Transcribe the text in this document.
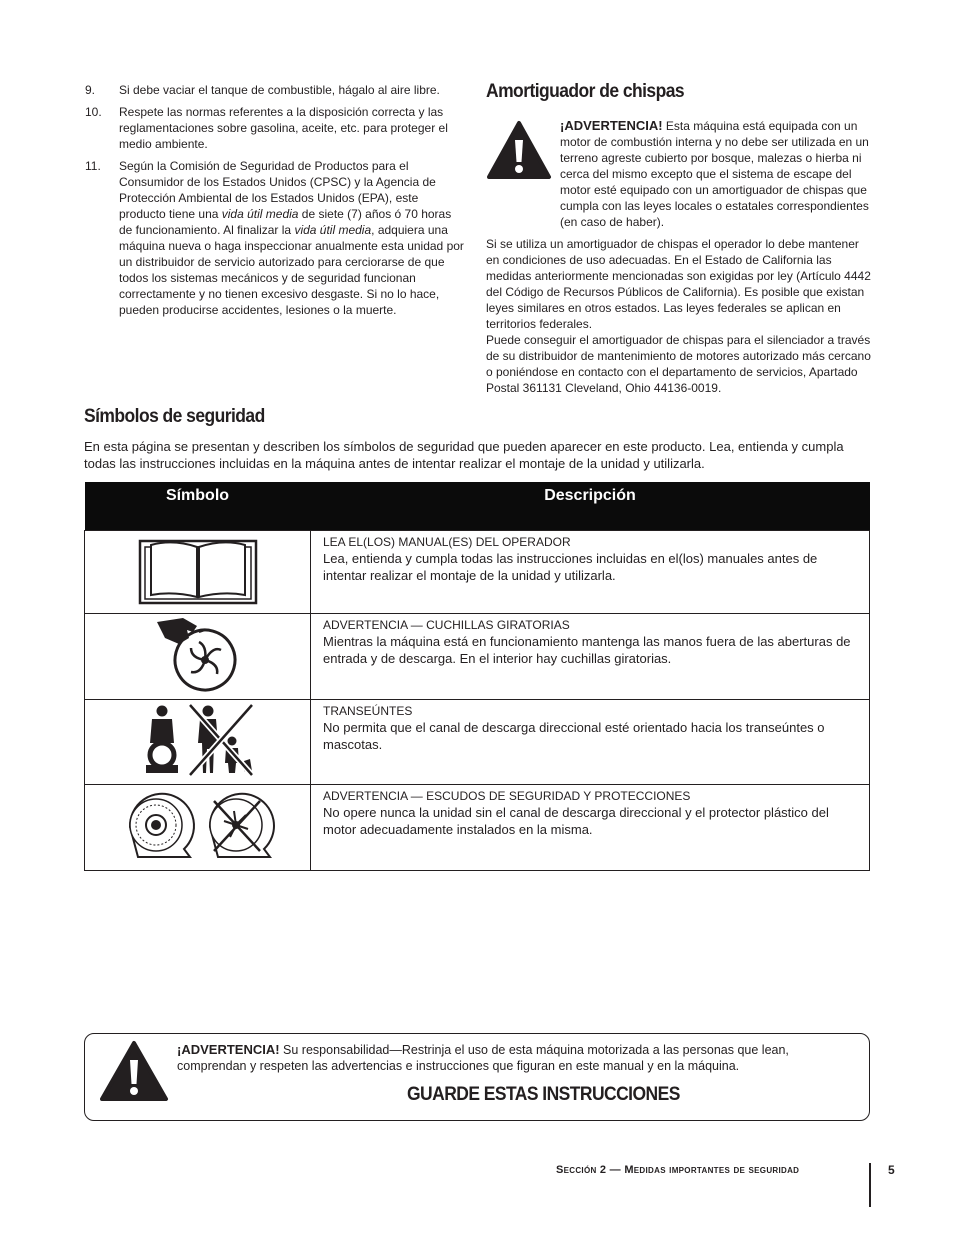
9. Si debe vaciar el tanque de combustible, hágalo al aire libre.
10. Respete las normas referentes a la disposición correcta y las reglamentaciones sobre gasolina, aceite, etc. para proteger el medio ambiente.
11. Según la Comisión de Seguridad de Productos para el Consumidor de los Estados Unidos (CPSC) y la Agencia de Protección Ambiental de los Estados Unidos (EPA), este producto tiene una vida útil media de siete (7) años ó 70 horas de funcionamiento. Al finalizar la vida útil media, adquiera una máquina nueva o haga inspeccionar anualmente esta unidad por un distribuidor de servicio autorizado para cerciorarse de que todos los sistemas mecánicos y de seguridad funcionan correctamente y no tienen excesivo desgaste. Si no lo hace, pueden producirse accidentes, lesiones o la muerte.
Amortiguador de chispas
¡ADVERTENCIA! Esta máquina está equipada con un motor de combustión interna y no debe ser utilizada en un terreno agreste cubierto por bosque, malezas o hierba ni cerca del mismo excepto que el sistema de escape del motor esté equipado con un amortiguador de chispas que cumpla con las leyes locales o estatales correspondientes (en caso de haber).
Si se utiliza un amortiguador de chispas el operador lo debe mantener en condiciones de uso adecuadas. En el Estado de California las medidas anteriormente mencionadas son exigidas por ley (Artículo 4442 del Código de Recursos Públicos de California). Es posible que existan leyes similares en otros estados. Las leyes federales se aplican en territorios federales.
Puede conseguir el amortiguador de chispas para el silenciador a través de su distribuidor de mantenimiento de motores autorizado más cercano o poniéndose en contacto con el departamento de servicios, Apartado Postal 361131 Cleveland, Ohio 44136-0019.
Símbolos de seguridad
En esta página se presentan y describen los símbolos de seguridad que pueden aparecer en este producto. Lea, entienda y cumpla todas las instrucciones incluidas en la máquina antes de intentar realizar el montaje de la unidad y utilizarla.
Símbolo	Descripción

LEA EL(LOS) MANUAL(ES) DEL OPERADOR
Lea, entienda y cumpla todas las instrucciones incluidas en el(los) manuales antes de intentar realizar el montaje de la unidad y utilizarla.

ADVERTENCIA — CUCHILLAS GIRATORIAS
Mientras la máquina está en funcionamiento mantenga las manos fuera de las aberturas de entrada y de descarga. En el interior hay cuchillas giratorias.

TRANSEÚNTES
No permita que el canal de descarga direccional esté orientado hacia los transeúntes o mascotas.

ADVERTENCIA — ESCUDOS DE SEGURIDAD Y PROTECCIONES
No opere nunca la unidad sin el canal de descarga direccional y el protector plástico del motor adecuadamente instalados en la misma.
¡ADVERTENCIA! Su responsabilidad—Restrinja el uso de esta máquina motorizada a las personas que lean, comprendan y respeten las advertencias e instrucciones que figuran en este manual y en la máquina.
GUARDE ESTAS INSTRUCCIONES
Sección 2 — Medidas importantes de seguridad	5
